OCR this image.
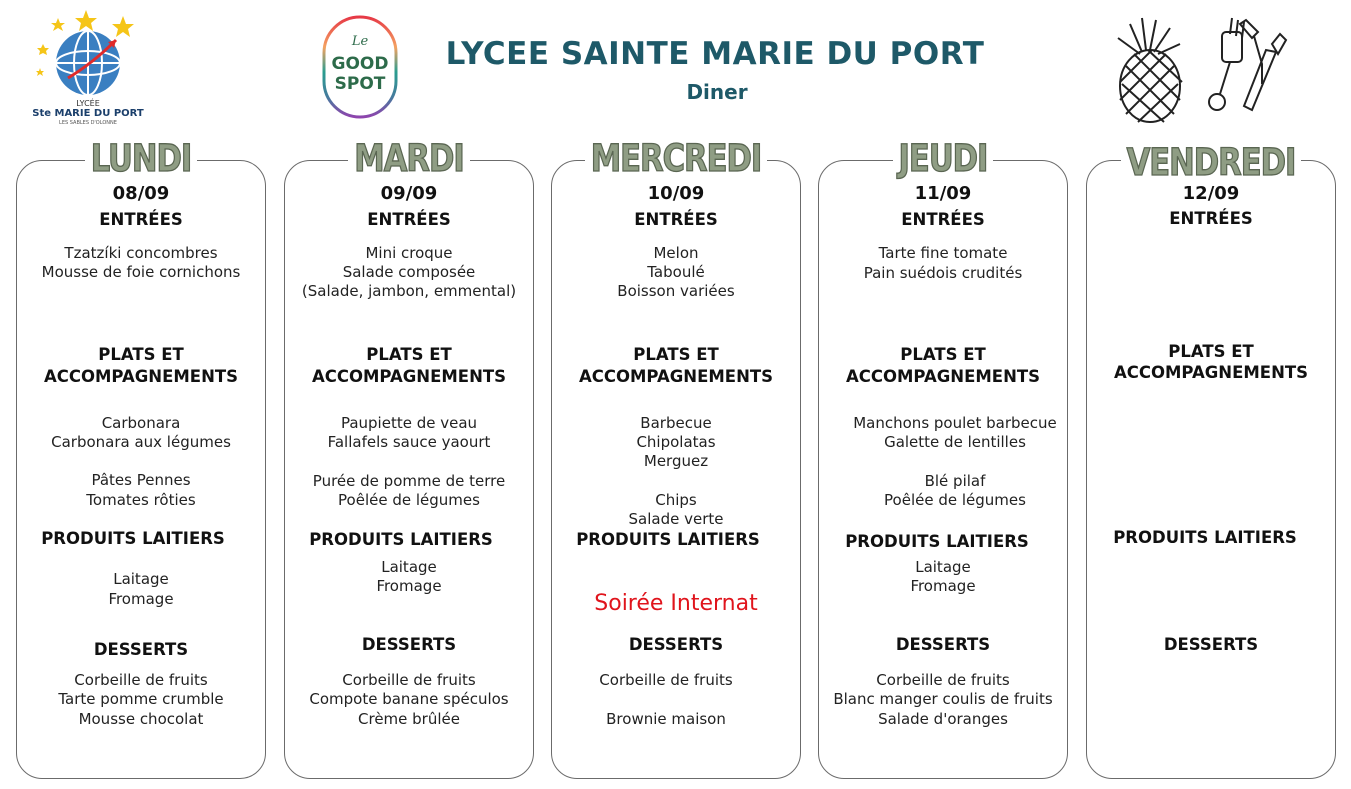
LYCÉE
Ste MARIE DU PORT
LES SABLES D'OLONNE
Le
GOOD
SPOT
LYCEE SAINTE MARIE DU PORT
Diner
LUNDI
08/09
ENTRÉES
Tzatzíki concombres
Mousse de foie cornichons
PLATS ET
ACCOMPAGNEMENTS
Carbonara
Carbonara aux légumes
Pâtes Pennes
Tomates rôties
PRODUITS LAITIERS
Laitage
Fromage
DESSERTS
Corbeille de fruits
Tarte pomme crumble
Mousse chocolat
MARDI
09/09
ENTRÉES
Mini croque
Salade composée
(Salade, jambon, emmental)
PLATS ET
ACCOMPAGNEMENTS
Paupiette de veau
Fallafels sauce yaourt
Purée de pomme de terre
Poêlée de légumes
PRODUITS LAITIERS
Laitage
Fromage
DESSERTS
Corbeille de fruits
Compote banane spéculos
Crème brûlée
MERCREDI
10/09
ENTRÉES
Melon
Taboulé
Boisson variées
PLATS ET
ACCOMPAGNEMENTS
Barbecue
Chipolatas
Merguez
Chips
Salade verte
PRODUITS LAITIERS
Soirée Internat
DESSERTS
Corbeille de fruits
Brownie maison
JEUDI
11/09
ENTRÉES
Tarte fine tomate
Pain suédois crudités
PLATS ET
ACCOMPAGNEMENTS
Manchons poulet barbecue
Galette de lentilles
Blé pilaf
Poêlée de légumes
PRODUITS LAITIERS
Laitage
Fromage
DESSERTS
Corbeille de fruits
Blanc manger coulis de fruits
Salade d'oranges
VENDREDI
12/09
ENTRÉES
PLATS ET
ACCOMPAGNEMENTS
PRODUITS LAITIERS
DESSERTS
